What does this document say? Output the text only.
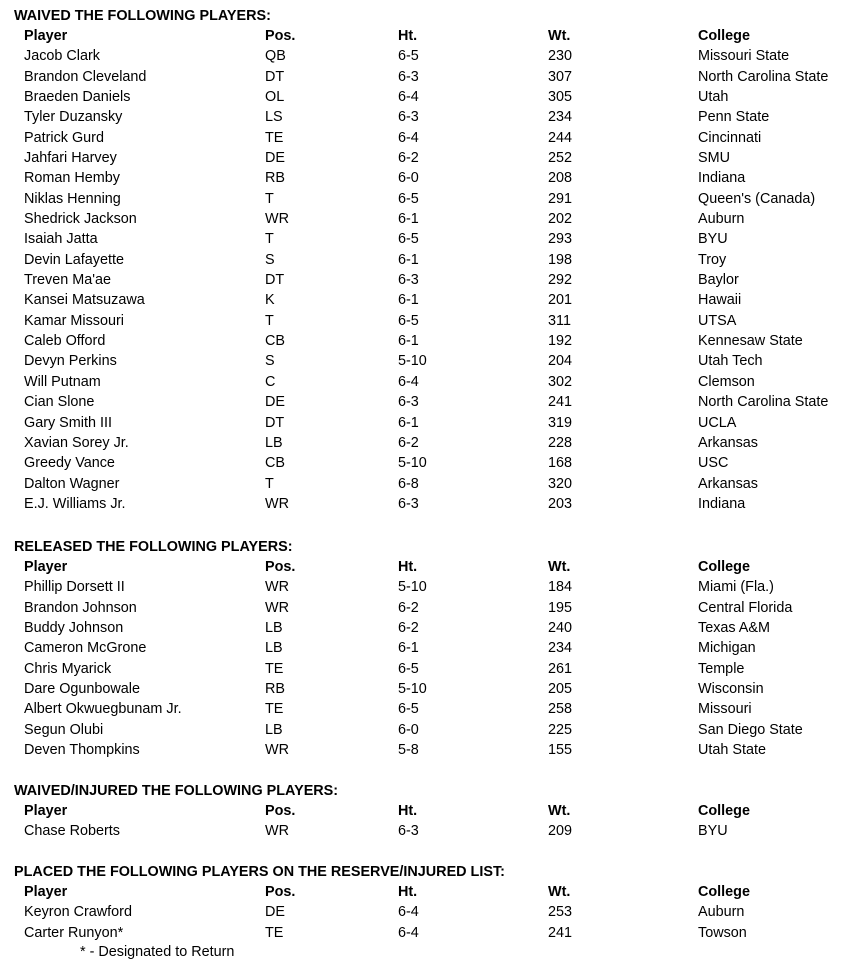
WAIVED THE FOLLOWING PLAYERS:
Player	Pos.	Ht.	Wt.	College
Jacob Clark	QB	6-5	230	Missouri State
Brandon Cleveland	DT	6-3	307	North Carolina State
Braeden Daniels	OL	6-4	305	Utah
Tyler Duzansky	LS	6-3	234	Penn State
Patrick Gurd	TE	6-4	244	Cincinnati
Jahfari Harvey	DE	6-2	252	SMU
Roman Hemby	RB	6-0	208	Indiana
Niklas Henning	T	6-5	291	Queen's (Canada)
Shedrick Jackson	WR	6-1	202	Auburn
Isaiah Jatta	T	6-5	293	BYU
Devin Lafayette	S	6-1	198	Troy
Treven Ma'ae	DT	6-3	292	Baylor
Kansei Matsuzawa	K	6-1	201	Hawaii
Kamar Missouri	T	6-5	311	UTSA
Caleb Offord	CB	6-1	192	Kennesaw State
Devyn Perkins	S	5-10	204	Utah Tech
Will Putnam	C	6-4	302	Clemson
Cian Slone	DE	6-3	241	North Carolina State
Gary Smith III	DT	6-1	319	UCLA
Xavian Sorey Jr.	LB	6-2	228	Arkansas
Greedy Vance	CB	5-10	168	USC
Dalton Wagner	T	6-8	320	Arkansas
E.J. Williams Jr.	WR	6-3	203	Indiana
RELEASED THE FOLLOWING PLAYERS:
Player	Pos.	Ht.	Wt.	College
Phillip Dorsett II	WR	5-10	184	Miami (Fla.)
Brandon Johnson	WR	6-2	195	Central Florida
Buddy Johnson	LB	6-2	240	Texas A&M
Cameron McGrone	LB	6-1	234	Michigan
Chris Myarick	TE	6-5	261	Temple
Dare Ogunbowale	RB	5-10	205	Wisconsin
Albert Okwuegbunam Jr.	TE	6-5	258	Missouri
Segun Olubi	LB	6-0	225	San Diego State
Deven Thompkins	WR	5-8	155	Utah State
WAIVED/INJURED THE FOLLOWING PLAYERS:
Player	Pos.	Ht.	Wt.	College
Chase Roberts	WR	6-3	209	BYU
PLACED THE FOLLOWING PLAYERS ON THE RESERVE/INJURED LIST:
Player	Pos.	Ht.	Wt.	College
Keyron Crawford	DE	6-4	253	Auburn
Carter Runyon*	TE	6-4	241	Towson
* - Designated to Return
